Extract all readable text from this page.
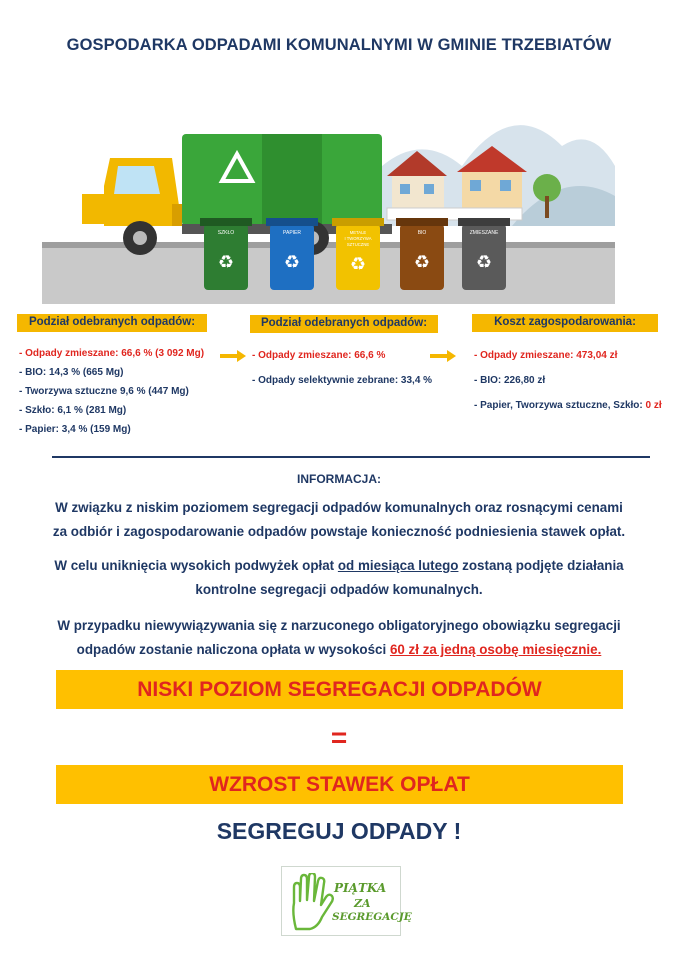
GOSPODARKA ODPADAMI KOMUNALNYMI W GMINIE TRZEBIATÓW
SZKŁO
♻
PAPIER
♻
METALE
I TWORZYWA
SZTUCZNE
♻
BIO
♻
ZMIESZANE
♻
Podział odebranych odpadów:
- Odpady zmieszane: 66,6 % (3 092 Mg)
- BIO: 14,3 % (665 Mg)
- Tworzywa sztuczne 9,6 % (447 Mg)
- Szkło: 6,1 % (281 Mg)
- Papier: 3,4 % (159 Mg)
Podział odebranych odpadów:
- Odpady zmieszane: 66,6 %
- Odpady selektywnie zebrane: 33,4 %
Koszt zagospodarowania:
- Odpady zmieszane: 473,04 zł
- BIO: 226,80 zł
- Papier, Tworzywa sztuczne, Szkło: 0 zł
INFORMACJA:
W związku z niskim poziomem segregacji odpadów komunalnych oraz rosnącymi cenami
za odbiór i zagospodarowanie odpadów powstaje konieczność podniesienia stawek opłat.
W celu uniknięcia wysokich podwyżek opłat od miesiąca lutego zostaną podjęte działania
kontrolne segregacji odpadów komunalnych.
W przypadku niewywiązywania się z narzuconego obligatoryjnego obowiązku segregacji
odpadów zostanie naliczona opłata w wysokości 60 zł za jedną osobę miesięcznie.
NISKI POZIOM SEGREGACJI ODPADÓW
=
WZROST STAWEK OPŁAT
SEGREGUJ ODPADY !
PIĄTKA
ZA
SEGREGACJĘ
